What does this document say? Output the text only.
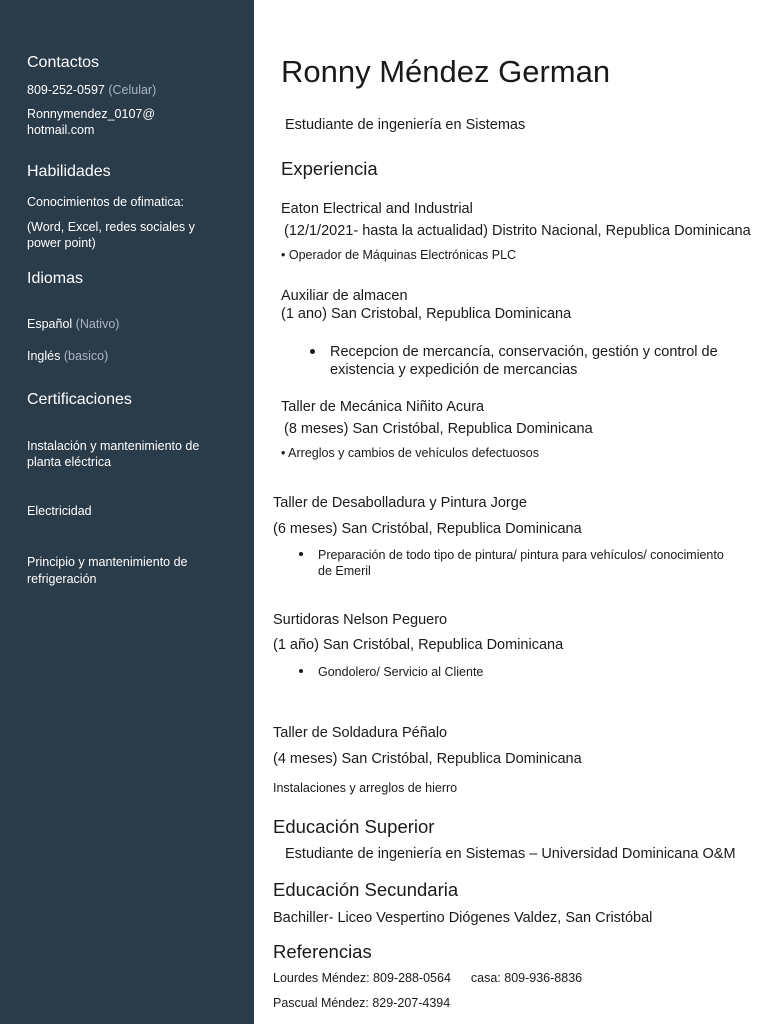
Contactos
809-252-0597 (Celular)
Ronnymendez_0107@
hotmail.com
Habilidades
Conocimientos de ofimatica:
(Word, Excel, redes sociales y
power point)
Idiomas
Español (Nativo)
Inglés (basico)
Certificaciones
Instalación y mantenimiento de
planta eléctrica
Electricidad
Principio y mantenimiento de
refrigeración
Ronny Méndez German
Estudiante de ingeniería en Sistemas
Experiencia
Eaton Electrical and Industrial
(12/1/2021- hasta la actualidad) Distrito Nacional, Republica Dominicana
• Operador de Máquinas Electrónicas PLC
Auxiliar de almacen
(1 ano) San Cristobal, Republica Dominicana
Recepcion de mercancía, conservación, gestión y control de
existencia y expedición de mercancias
Taller de Mecánica Niñito Acura
(8 meses) San Cristóbal, Republica Dominicana
• Arreglos y cambios de vehículos defectuosos
Taller de Desabolladura y Pintura Jorge
(6 meses) San Cristóbal, Republica Dominicana
Preparación de todo tipo de pintura/ pintura para vehículos/ conocimiento
de Emeril
Surtidoras Nelson Peguero
(1 año) San Cristóbal, Republica Dominicana
Gondolero/ Servicio al Cliente
Taller de Soldadura Péñalo
(4 meses) San Cristóbal, Republica Dominicana
Instalaciones y arreglos de hierro
Educación Superior
Estudiante de ingeniería en Sistemas – Universidad Dominicana O&M
Educación Secundaria
Bachiller- Liceo Vespertino Diógenes Valdez, San Cristóbal
Referencias
Lourdes Méndez: 809-288-0564 casa: 809-936-8836
Pascual Méndez: 829-207-4394
